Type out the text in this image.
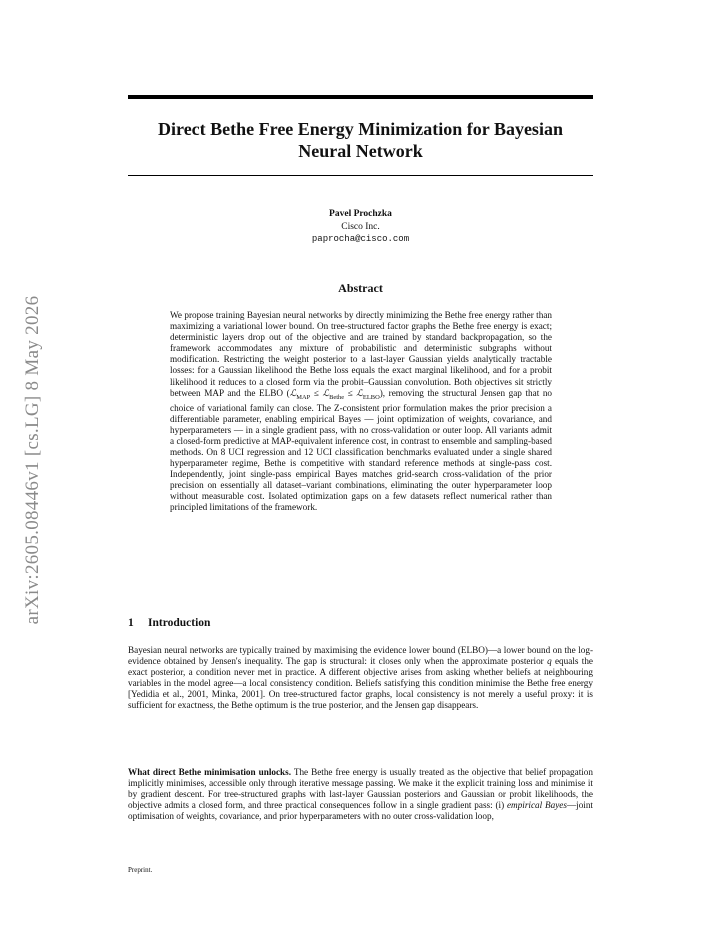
arXiv:2605.08446v1 [cs.LG] 8 May 2026
Direct Bethe Free Energy Minimization for Bayesian
Neural Network
Pavel Prochzka
Cisco Inc.
paprocha@cisco.com
Abstract

We propose training Bayesian neural networks by directly minimizing the Bethe free energy rather than maximizing a variational lower bound. On tree-structured factor graphs the Bethe free energy is exact; deterministic layers drop out of the objective and are trained by standard backpropagation, so the framework accommodates any mixture of probabilistic and deterministic subgraphs without modification. Restricting the weight posterior to a last-layer Gaussian yields analytically tractable losses: for a Gaussian likelihood the Bethe loss equals the exact marginal likelihood, and for a probit likelihood it reduces to a closed form via the probit–Gaussian convolution. Both objectives sit strictly between MAP and the ELBO (ℒ$_{MAP}$ ≤ ℒ$_{Bethe}$ ≤ ℒ$_{ELBO}$), removing the structural Jensen gap that no choice of variational family can close. The Z-consistent prior formulation makes the prior precision a differentiable parameter, enabling empirical Bayes — joint optimization of weights, covariance, and hyperparameters — in a single gradient pass, with no cross-validation or outer loop. All variants admit a closed-form predictive at MAP-equivalent inference cost, in contrast to ensemble and sampling-based methods. On 8 UCI regression and 12 UCI classification benchmarks evaluated under a single shared hyperparameter regime, Bethe is competitive with standard reference methods at single-pass cost. Independently, joint single-pass empirical Bayes matches grid-search cross-validation of the prior precision on essentially all dataset–variant combinations, eliminating the outer hyperparameter loop without measurable cost. Isolated optimization gaps on a few datasets reflect numerical rather than principled limitations of the framework.

1 Introduction

Bayesian neural networks are typically trained by maximising the evidence lower bound (ELBO)—a lower bound on the log-evidence obtained by Jensen's inequality. The gap is structural: it closes only when the approximate posterior q equals the exact posterior, a condition never met in practice. A different objective arises from asking whether beliefs at neighbouring variables in the model agree—a local consistency condition. Beliefs satisfying this condition minimise the Bethe free energy [Yedidia et al., 2001, Minka, 2001]. On tree-structured factor graphs, local consistency is not merely a useful proxy: it is sufficient for exactness, the Bethe optimum is the true posterior, and the Jensen gap disappears.

What direct Bethe minimisation unlocks. The Bethe free energy is usually treated as the objective that belief propagation implicitly minimises, accessible only through iterative message passing. We make it the explicit training loss and minimise it by gradient descent. For tree-structured graphs with last-layer Gaussian posteriors and Gaussian or probit likelihoods, the objective admits a closed form, and three practical consequences follow in a single gradient pass: (i) empirical Bayes—joint optimisation of weights, covariance, and prior hyperparameters with no outer cross-validation loop,

Preprint.
